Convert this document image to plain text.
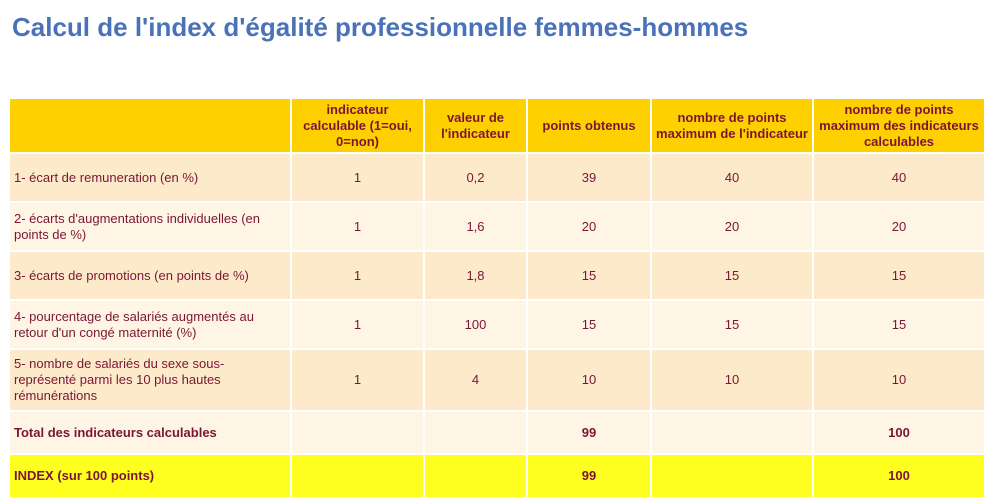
Calcul de l'index d'égalité professionnelle femmes-hommes
	indicateur calculable (1=oui, 0=non)	valeur de l'indicateur	points obtenus	nombre de points maximum de l'indicateur	nombre de points maximum des indicateurs calculables
1- écart de remuneration (en %)	1	0,2	39	40	40
2- écarts d'augmentations individuelles (en points de %)	1	1,6	20	20	20
3- écarts de promotions (en points de %)	1	1,8	15	15	15
4- pourcentage de salariés augmentés au retour d'un congé maternité (%)	1	100	15	15	15
5- nombre de salariés du sexe sous-représenté parmi les 10 plus hautes rémunérations	1	4	10	10	10
Total des indicateurs calculables			99		100
INDEX (sur 100 points)			99		100
